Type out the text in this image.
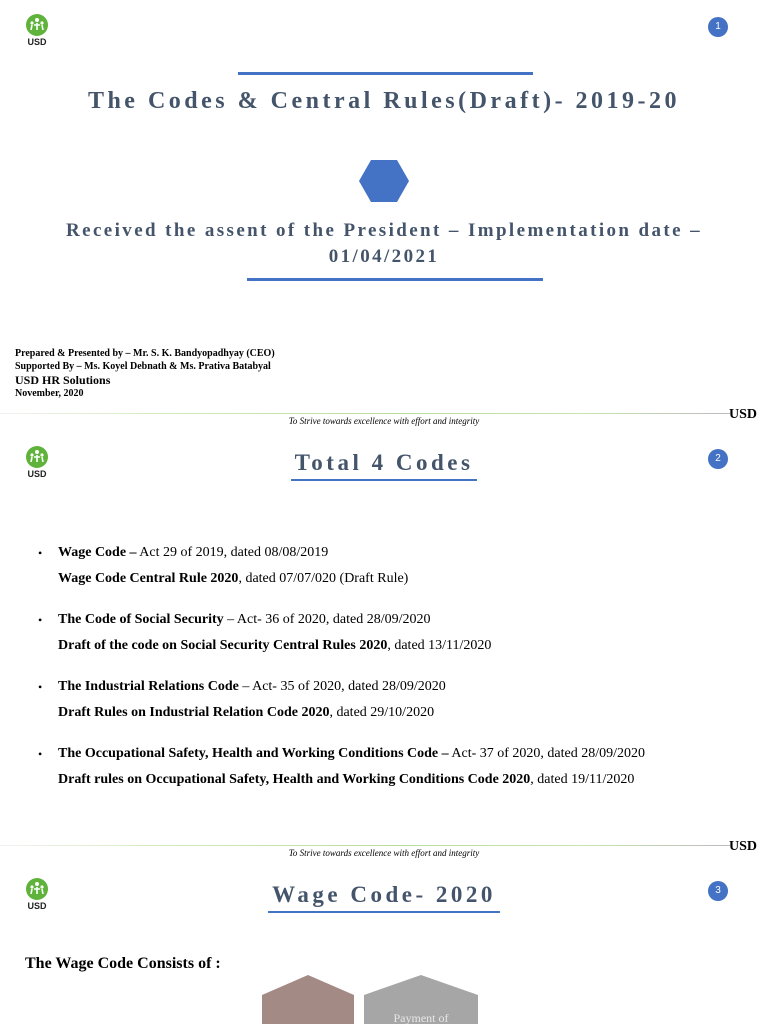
USD
1
The Codes & Central Rules(Draft)- 2019-20
Received the assent of the President – Implementation date – 01/04/2021
Prepared & Presented by – Mr. S. K. Bandyopadhyay (CEO)
Supported By – Ms. Koyel Debnath & Ms. Prativa Batabyal
USD HR Solutions
November, 2020
To Strive towards excellence with effort and integrity	USD
USD
2
Total 4 Codes
• Wage Code – Act 29 of 2019, dated 08/08/2019
Wage Code Central Rule 2020, dated 07/07/020 (Draft Rule)
• The Code of Social Security – Act- 36 of 2020, dated 28/09/2020
Draft of the code on Social Security Central Rules 2020, dated 13/11/2020
• The Industrial Relations Code – Act- 35 of 2020, dated 28/09/2020
Draft Rules on Industrial Relation Code 2020, dated 29/10/2020
• The Occupational Safety, Health and Working Conditions Code – Act- 37 of 2020, dated 28/09/2020
Draft rules on Occupational Safety, Health and Working Conditions Code 2020, dated 19/11/2020
To Strive towards excellence with effort and integrity	USD
USD
3
Wage Code- 2020
The Wage Code Consists of :
Payment of
